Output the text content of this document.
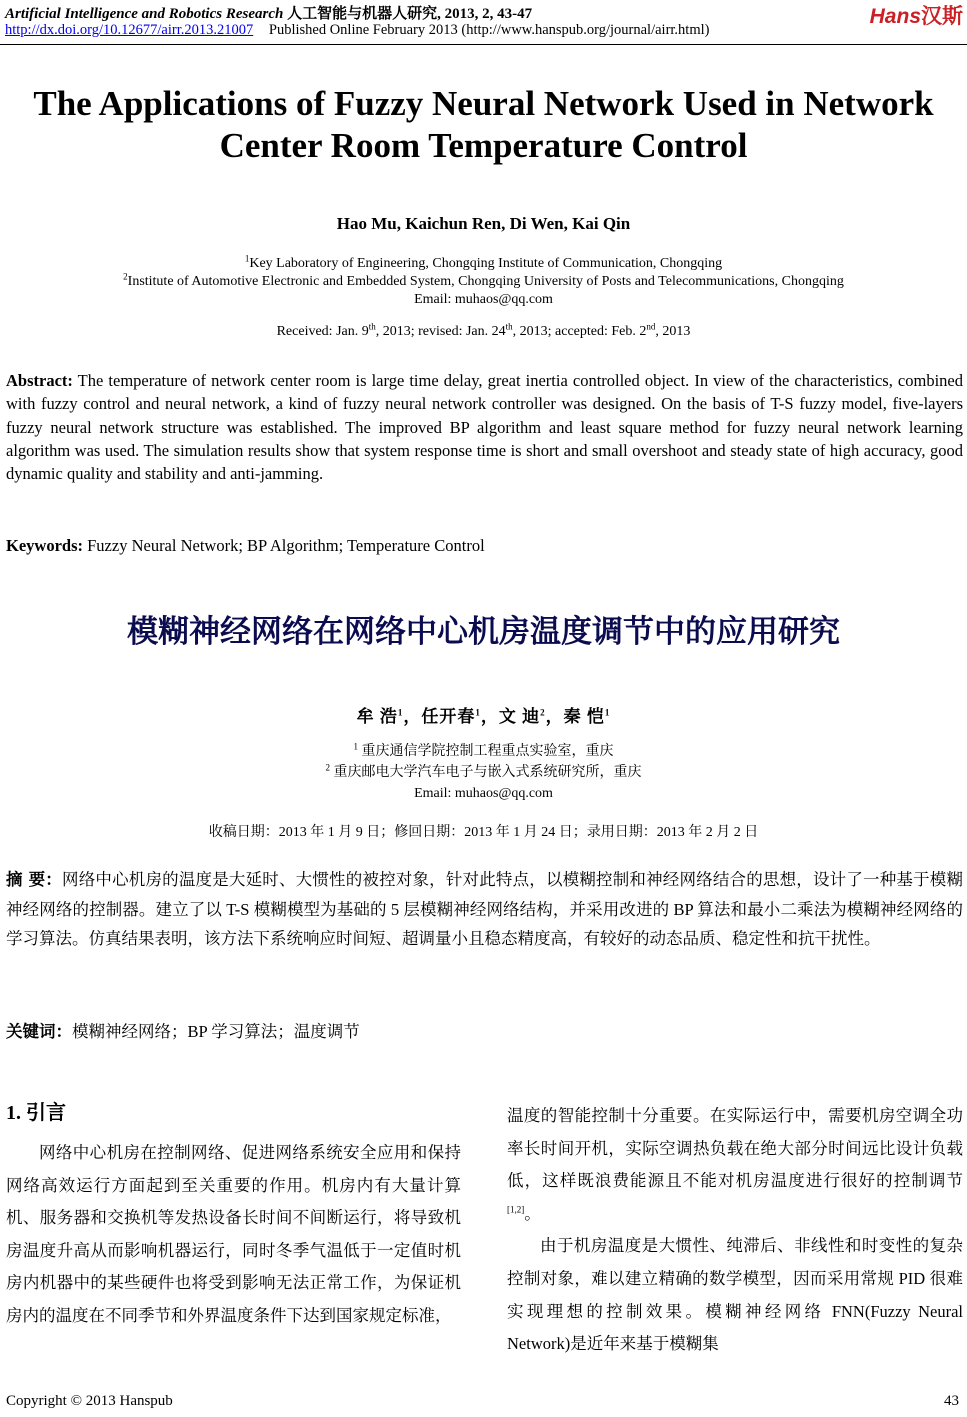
Artificial Intelligence and Robotics Research 人工智能与机器人研究, 2013, 2, 43-47
http://dx.doi.org/10.12677/airr.2013.21007 Published Online February 2013 (http://www.hanspub.org/journal/airr.html)
Hans汉斯
The Applications of Fuzzy Neural Network Used in Network
Center Room Temperature Control
Hao Mu, Kaichun Ren, Di Wen, Kai Qin
$^1$Key Laboratory of Engineering, Chongqing Institute of Communication, Chongqing
$^2$Institute of Automotive Electronic and Embedded System, Chongqing University of Posts and Telecommunications, Chongqing
Email: muhaos@qq.com
Received: Jan. 9th, 2013; revised: Jan. 24th, 2013; accepted: Feb. 2nd, 2013
Abstract: The temperature of network center room is large time delay, great inertia controlled object. In view of the characteristics, combined with fuzzy control and neural network, a kind of fuzzy neural network controller was designed. On the basis of T-S fuzzy model, five-layers fuzzy neural network structure was established. The improved BP algorithm and least square method for fuzzy neural network learning algorithm was used. The simulation results show that system response time is short and small overshoot and steady state of high accuracy, good dynamic quality and stability and anti-jamming.
Keywords: Fuzzy Neural Network; BP Algorithm; Temperature Control
模糊神经网络在网络中心机房温度调节中的应用研究
牟 浩$^1$，任开春$^1$，文 迪$^2$，秦 恺$^1$
$^1$ 重庆通信学院控制工程重点实验室，重庆
$^2$ 重庆邮电大学汽车电子与嵌入式系统研究所，重庆
Email: muhaos@qq.com
收稿日期：2013 年 1 月 9 日；修回日期：2013 年 1 月 24 日；录用日期：2013 年 2 月 2 日
摘 要：网络中心机房的温度是大延时、大惯性的被控对象，针对此特点，以模糊控制和神经网络结合的思想，设计了一种基于模糊神经网络的控制器。建立了以 T-S 模糊模型为基础的 5 层模糊神经网络结构，并采用改进的 BP 算法和最小二乘法为模糊神经网络的学习算法。仿真结果表明，该方法下系统响应时间短、超调量小且稳态精度高，有较好的动态品质、稳定性和抗干扰性。
关键词：模糊神经网络；BP 学习算法；温度调节
1. 引言

网络中心机房在控制网络、促进网络系统安全应用和保持网络高效运行方面起到至关重要的作用。机房内有大量计算机、服务器和交换机等发热设备长时间不间断运行，将导致机房温度升高从而影响机器运行，同时冬季气温低于一定值时机房内机器中的某些硬件也将受到影响无法正常工作，为保证机房内的温度在不同季节和外界温度条件下达到国家规定标准，

温度的智能控制十分重要。在实际运行中，需要机房空调全功率长时间开机，实际空调热负载在绝大部分时间远比设计负载低，这样既浪费能源且不能对机房温度进行很好的控制调节[1,2]。

由于机房温度是大惯性、纯滞后、非线性和时变性的复杂控制对象，难以建立精确的数学模型，因而采用常规 PID 很难实现理想的控制效果。模糊神经网络 FNN(Fuzzy Neural Network)是近年来基于模糊集

Copyright © 2013 Hanspub	43
